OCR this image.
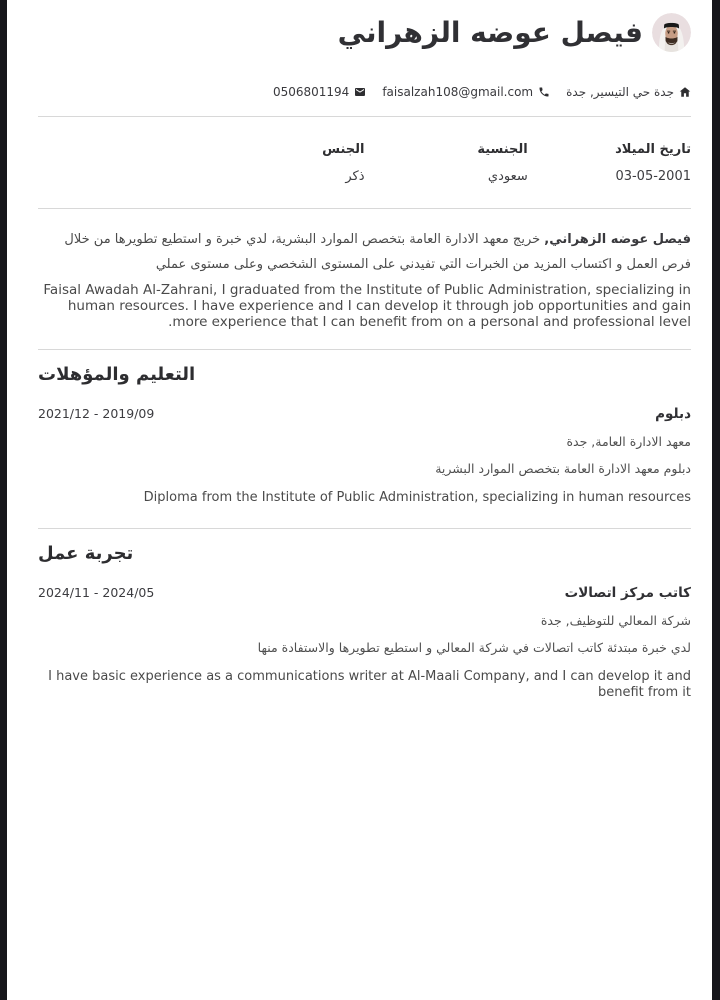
فيصل عوضه الزهراني
جدة حي التيسير, جدة
faisalzah108@gmail.com
0506801194
تاريخ الميلاد
03-05-2001
الجنسية
سعودي
الجنس
ذكر

فيصل عوضه الزهراني, خريج معهد الادارة العامة بتخصص الموارد البشرية، لدي خبرة و استطيع تطويرها من خلال فرص العمل و اكتساب المزيد من الخبرات التي تفيدني على المستوى الشخصي وعلى مستوى عملي

Faisal Awadah Al-Zahrani, I graduated from the Institute of Public Administration, specializing in human resources. I have experience and I can develop it through job opportunities and gain more experience that I can benefit from on a personal and professional level.

التعليم والمؤهلات
دبلوم
2021/12 - 2019/09
معهد الادارة العامة, جدة
دبلوم معهد الادارة العامة بتخصص الموارد البشرية
Diploma from the Institute of Public Administration, specializing in human resources
تجربة عمل
كاتب مركز اتصالات
2024/11 - 2024/05
شركة المعالي للتوظيف, جدة
لدي خبرة مبتدئة كاتب اتصالات في شركة المعالي و استطيع تطويرها والاستفادة منها
I have basic experience as a communications writer at Al-Maali Company, and I can develop it and benefit from it
